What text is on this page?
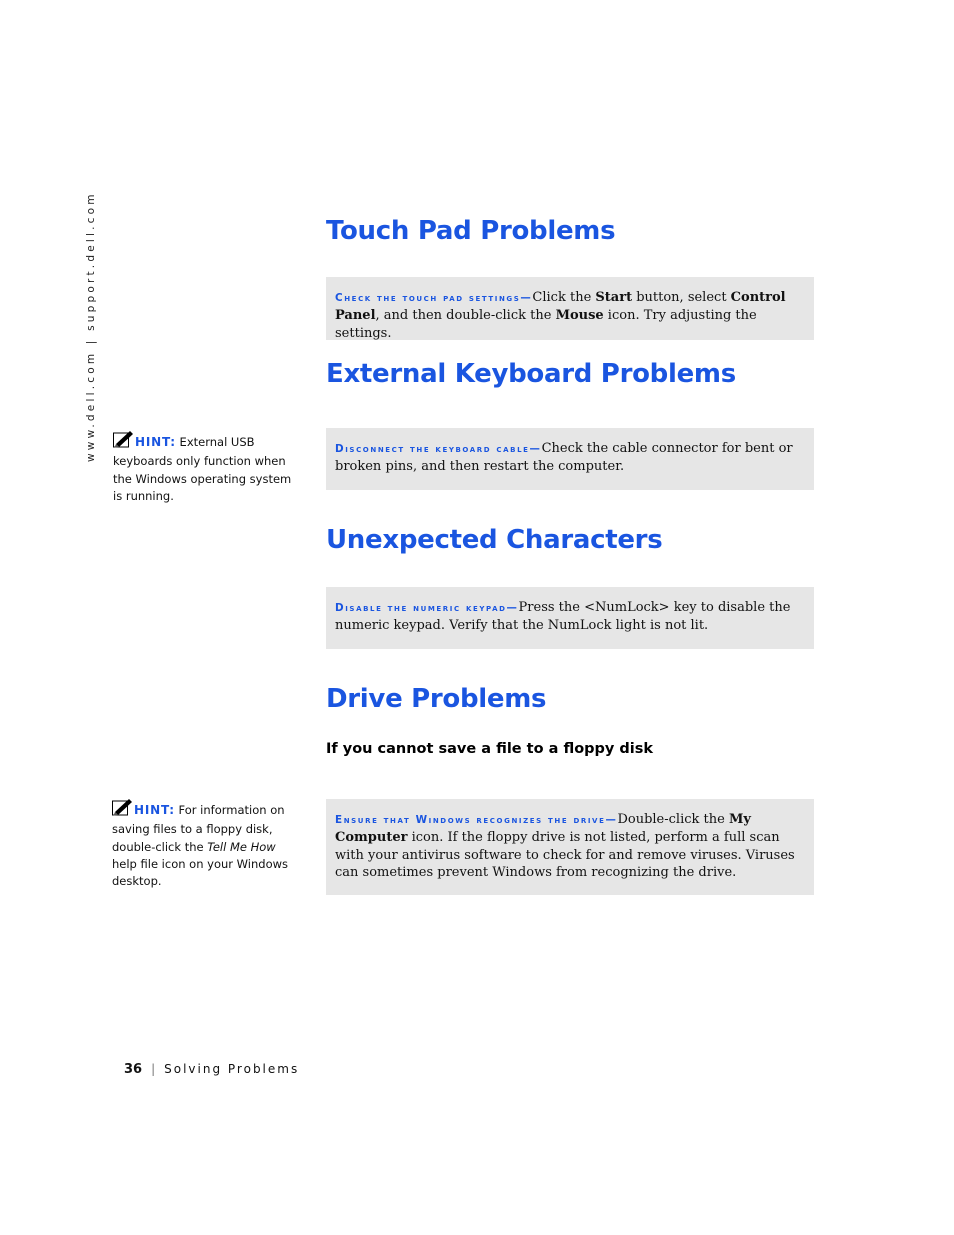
www.dell.com | support.dell.com	Touch Pad Problems
Check the touch pad settings—Click the Start button, select Control Panel, and then double-click the Mouse icon. Try adjusting the settings.
External Keyboard Problems
Disconnect the keyboard cable—Check the cable connector for bent or broken pins, and then restart the computer.
HINT: External USB keyboards only function when the Windows operating system is running.
Unexpected Characters
Disable the numeric keypad—Press the <NumLock> key to disable the numeric keypad. Verify that the NumLock light is not lit.
Drive Problems
If you cannot save a file to a floppy disk
HINT: For information on saving files to a floppy disk, double-click the Tell Me How help file icon on your Windows desktop.
Ensure that Windows recognizes the drive—Double-click the My Computer icon. If the floppy drive is not listed, perform a full scan with your antivirus software to check for and remove viruses. Viruses can sometimes prevent Windows from recognizing the drive.
36 | Solving Problems
